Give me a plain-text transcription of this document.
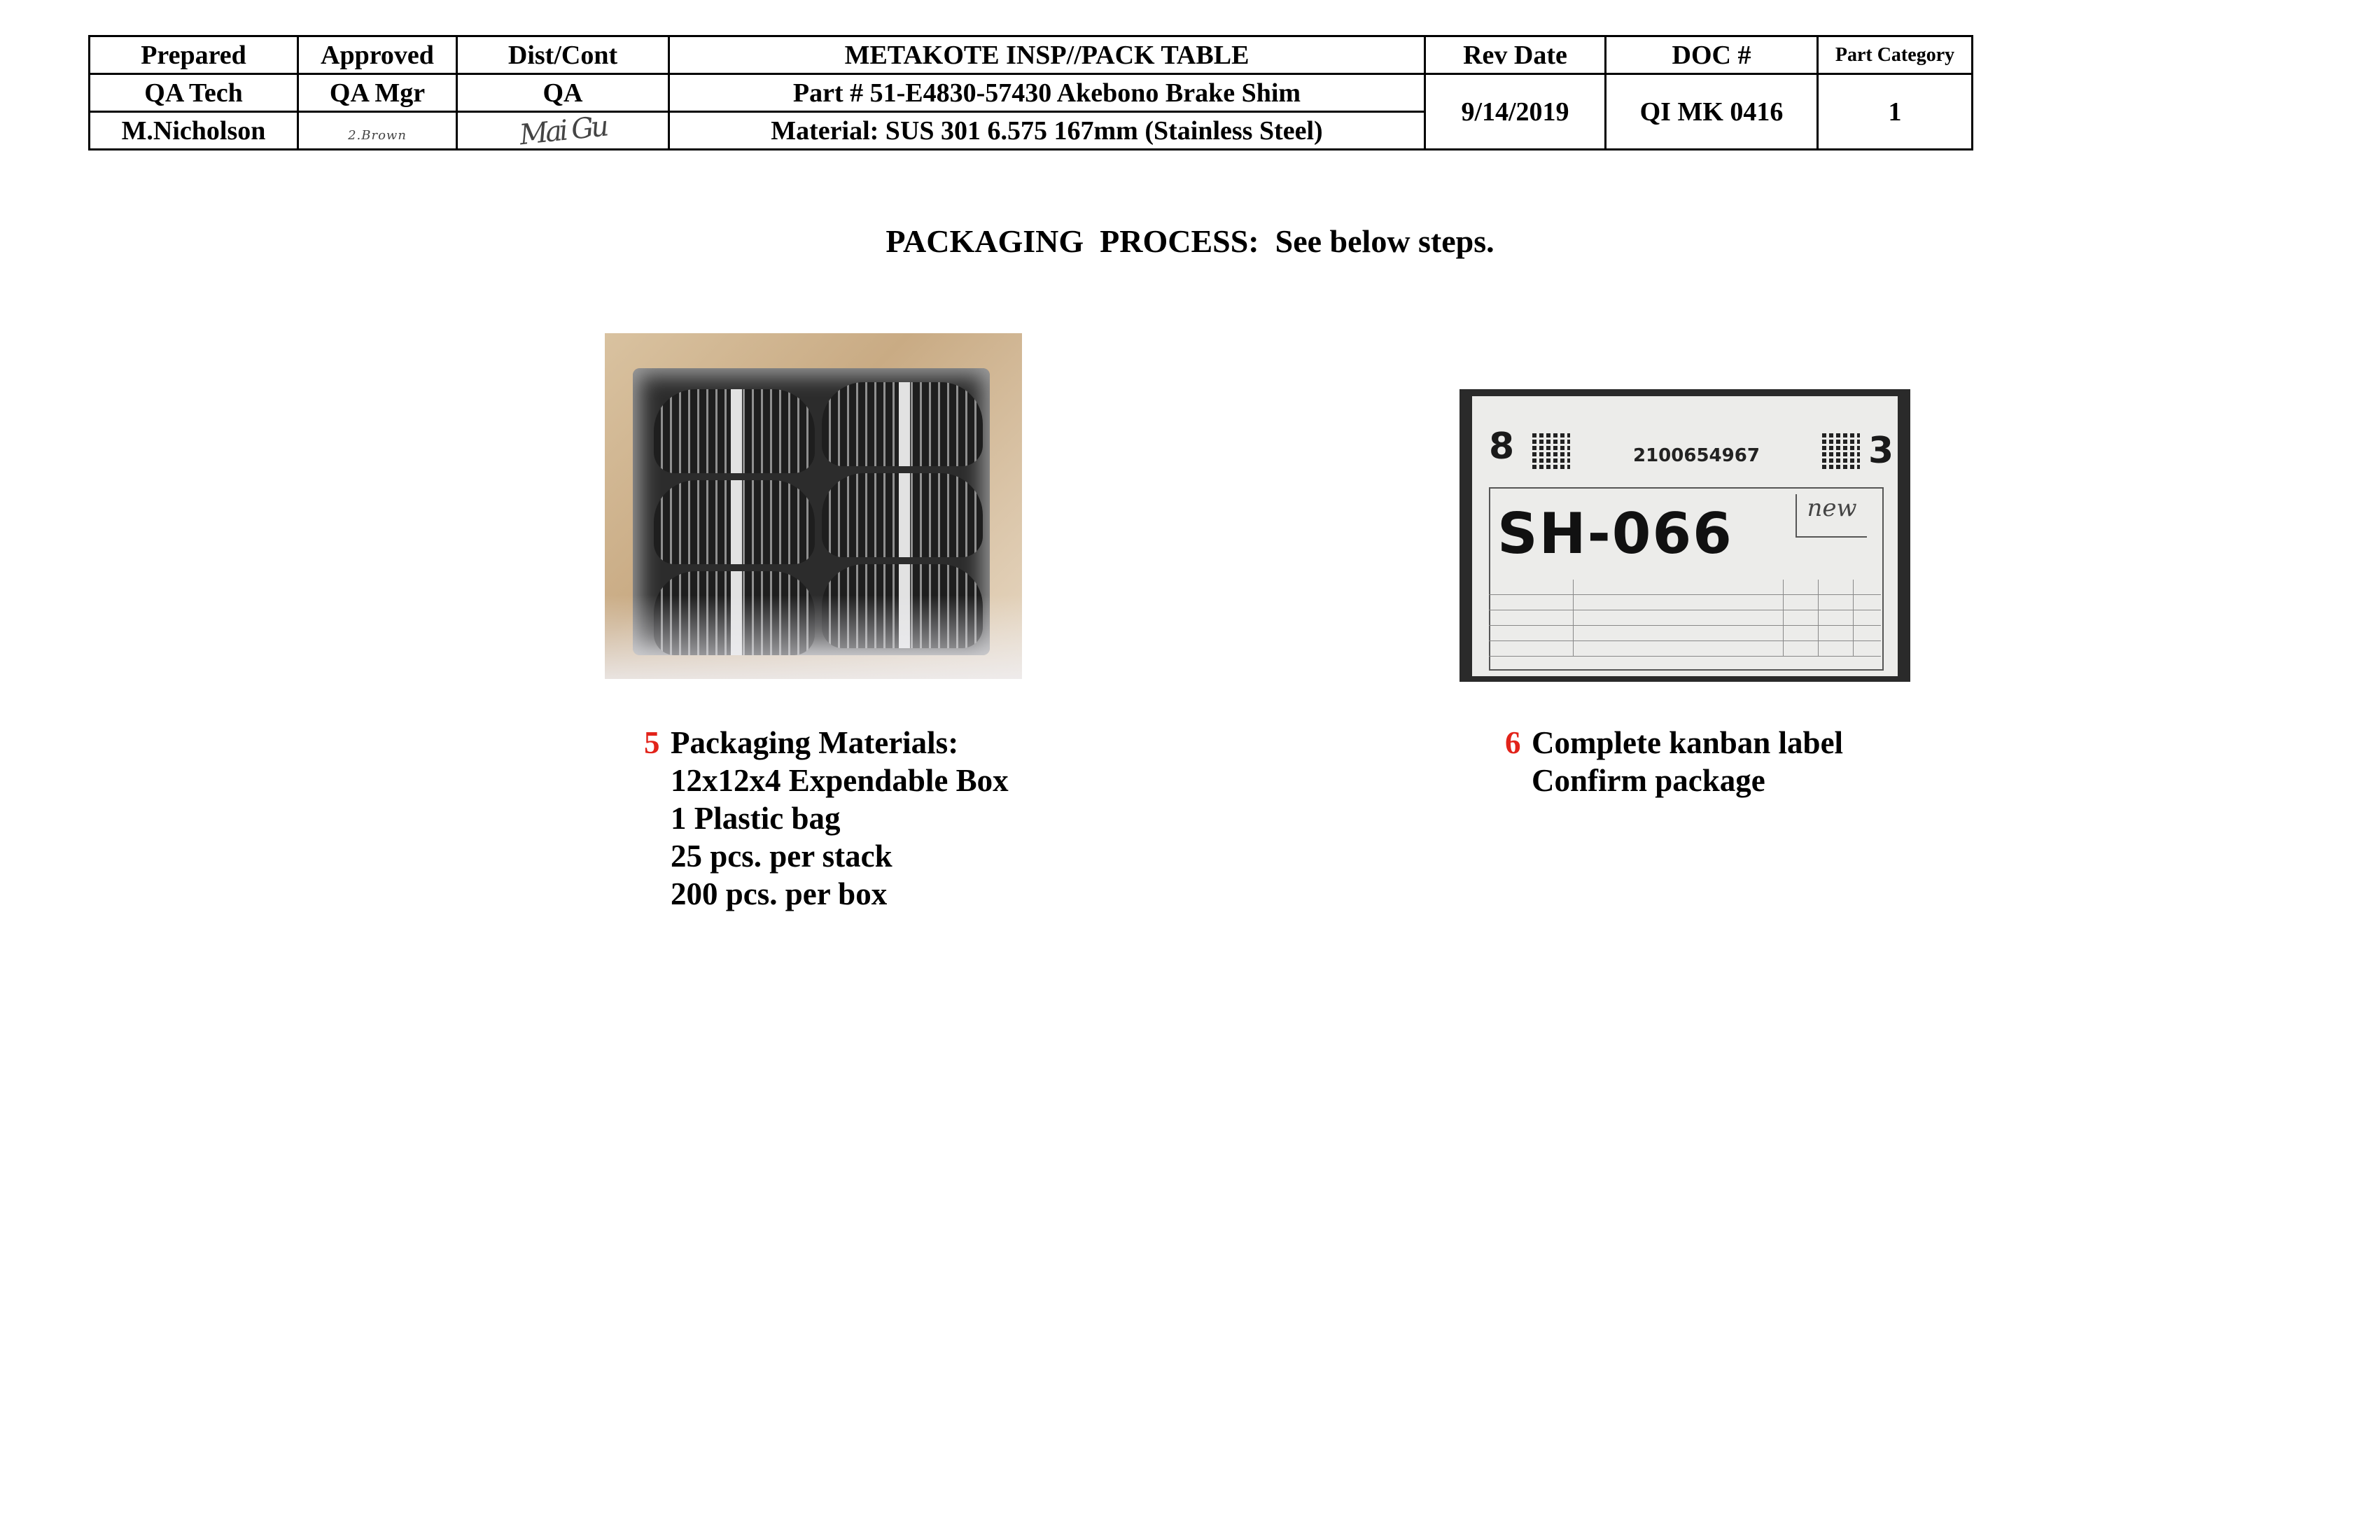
Prepared	Approved	Dist/Cont	METAKOTE INSP//PACK TABLE	Rev Date	DOC #	Part Category
QA Tech	QA Mgr	QA	Part # 51-E4830-57430 Akebono Brake Shim	9/14/2019	QI MK 0416	1
M.Nicholson	2.Brown	Mai Gu	Material: SUS 301 6.575 167mm (Stainless Steel)			
PACKAGING  PROCESS:  See below steps.
8	2100654967	3
SH-066	new
5 Packaging Materials:
12x12x4 Expendable Box
1 Plastic bag
25 pcs. per stack
200 pcs. per box
6 Complete kanban label
Confirm package
